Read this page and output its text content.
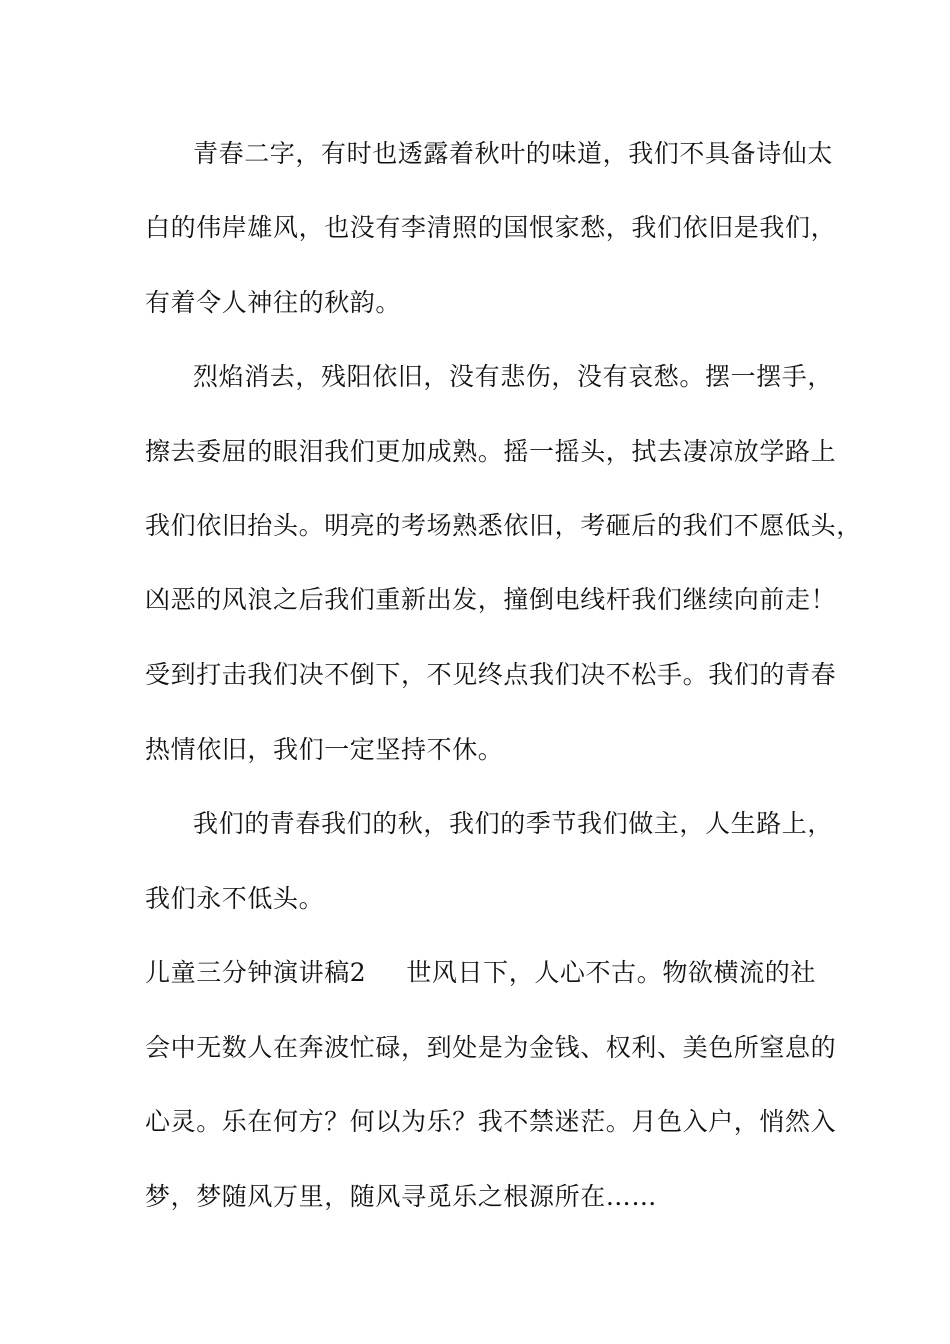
青春二字，有时也透露着秋叶的味道，我们不具备诗仙太
白的伟岸雄风，也没有李清照的国恨家愁，我们依旧是我们，
有着令人神往的秋韵。
烈焰消去，残阳依旧，没有悲伤，没有哀愁。摆一摆手，
擦去委屈的眼泪我们更加成熟。摇一摇头，拭去凄凉放学路上
我们依旧抬头。明亮的考场熟悉依旧，考砸后的我们不愿低头，
凶恶的风浪之后我们重新出发，撞倒电线杆我们继续向前走！
受到打击我们决不倒下，不见终点我们决不松手。我们的青春
热情依旧，我们一定坚持不休。
我们的青春我们的秋，我们的季节我们做主，人生路上，
我们永不低头。
儿童三分钟演讲稿2 世风日下，人心不古。物欲横流的社
会中无数人在奔波忙碌，到处是为金钱、权利、美色所窒息的
心灵。乐在何方？何以为乐？我不禁迷茫。月色入户，悄然入
梦，梦随风万里，随风寻觅乐之根源所在……
